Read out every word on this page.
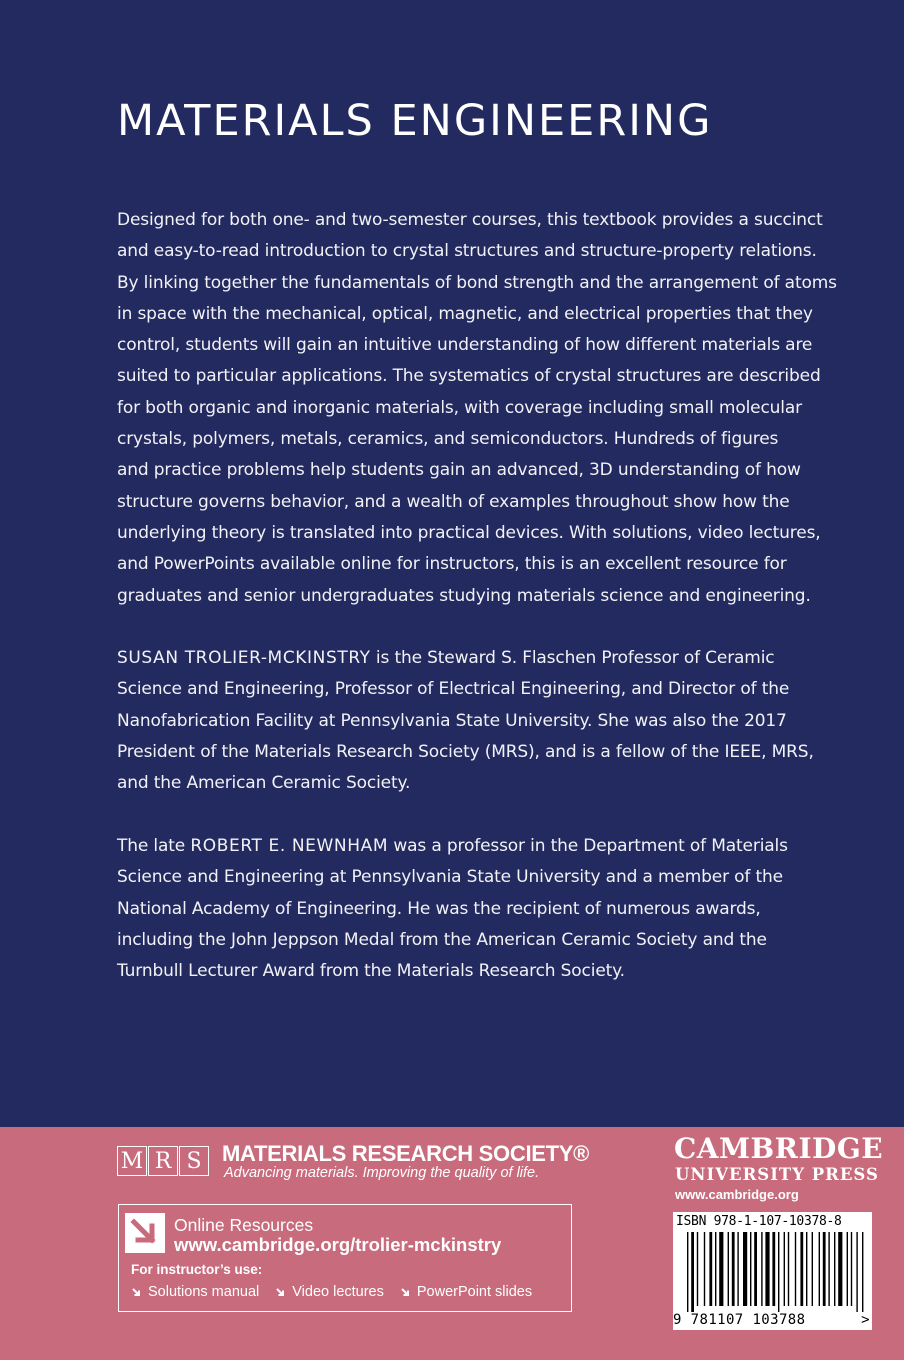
MATERIALS ENGINEERING

Designed for both one- and two-semester courses, this textbook provides a succinct
and easy-to-read introduction to crystal structures and structure-property relations.
By linking together the fundamentals of bond strength and the arrangement of atoms
in space with the mechanical, optical, magnetic, and electrical properties that they
control, students will gain an intuitive understanding of how different materials are
suited to particular applications. The systematics of crystal structures are described
for both organic and inorganic materials, with coverage including small molecular
crystals, polymers, metals, ceramics, and semiconductors. Hundreds of figures
and practice problems help students gain an advanced, 3D understanding of how
structure governs behavior, and a wealth of examples throughout show how the
underlying theory is translated into practical devices. With solutions, video lectures,
and PowerPoints available online for instructors, this is an excellent resource for
graduates and senior undergraduates studying materials science and engineering.

SUSAN TROLIER-MCKINSTRY is the Steward S. Flaschen Professor of Ceramic
Science and Engineering, Professor of Electrical Engineering, and Director of the
Nanofabrication Facility at Pennsylvania State University. She was also the 2017
President of the Materials Research Society (MRS), and is a fellow of the IEEE, MRS,
and the American Ceramic Society.

The late ROBERT E. NEWNHAM was a professor in the Department of Materials
Science and Engineering at Pennsylvania State University and a member of the
National Academy of Engineering. He was the recipient of numerous awards,
including the John Jeppson Medal from the American Ceramic Society and the
Turnbull Lecturer Award from the Materials Research Society.

M R S MATERIALS RESEARCH SOCIETY®
Advancing materials. Improving the quality of life.
Online Resources
www.cambridge.org/trolier-mckinstry
For instructor’s use:
Solutions manual Video lectures PowerPoint slides
CAMBRIDGE
UNIVERSITY PRESS
www.cambridge.org
ISBN 978-1-107-10378-8
9 781107 103788	>
